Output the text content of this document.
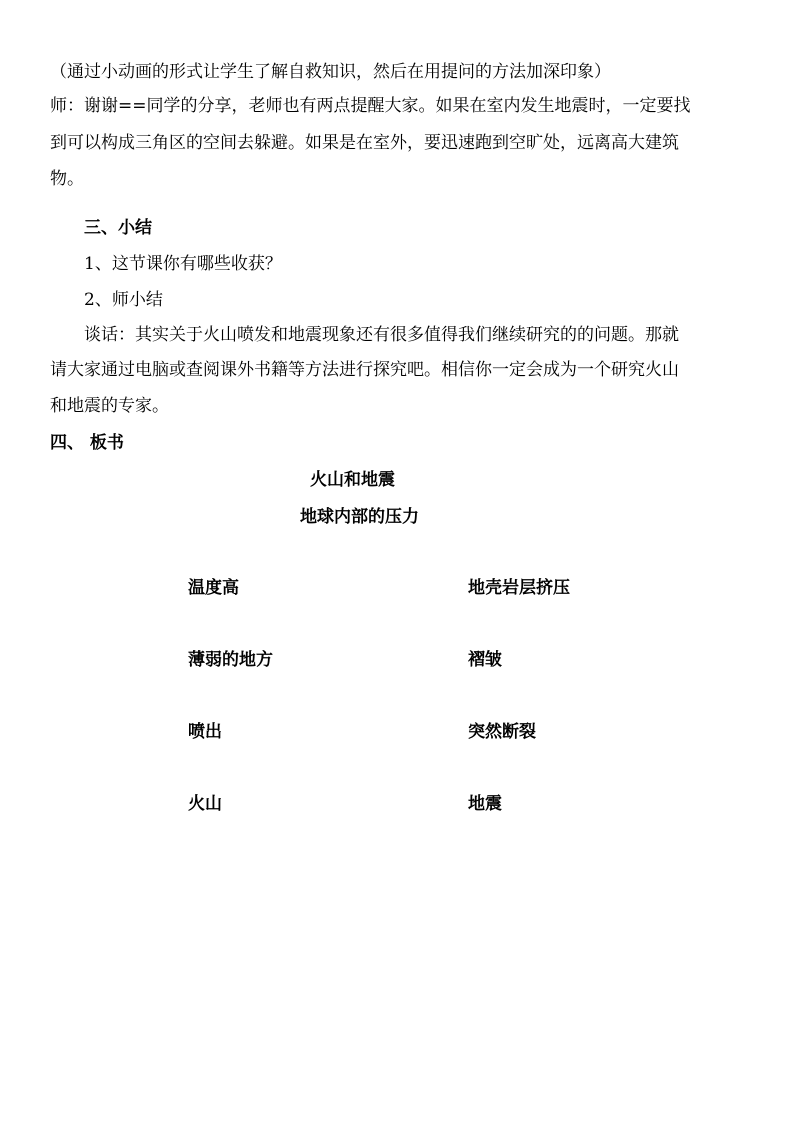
（通过小动画的形式让学生了解自救知识，然后在用提问的方法加深印象）
师：谢谢==同学的分享，老师也有两点提醒大家。如果在室内发生地震时，一定要找
到可以构成三角区的空间去躲避。如果是在室外，要迅速跑到空旷处，远离高大建筑
物。
三、小结
1、这节课你有哪些收获？
2、师小结
谈话：其实关于火山喷发和地震现象还有很多值得我们继续研究的的问题。那就
请大家通过电脑或查阅课外书籍等方法进行探究吧。相信你一定会成为一个研究火山
和地震的专家。
四、 板书
火山和地震
地球内部的压力
温度高
薄弱的地方
喷出
火山
地壳岩层挤压
褶皱
突然断裂
地震
